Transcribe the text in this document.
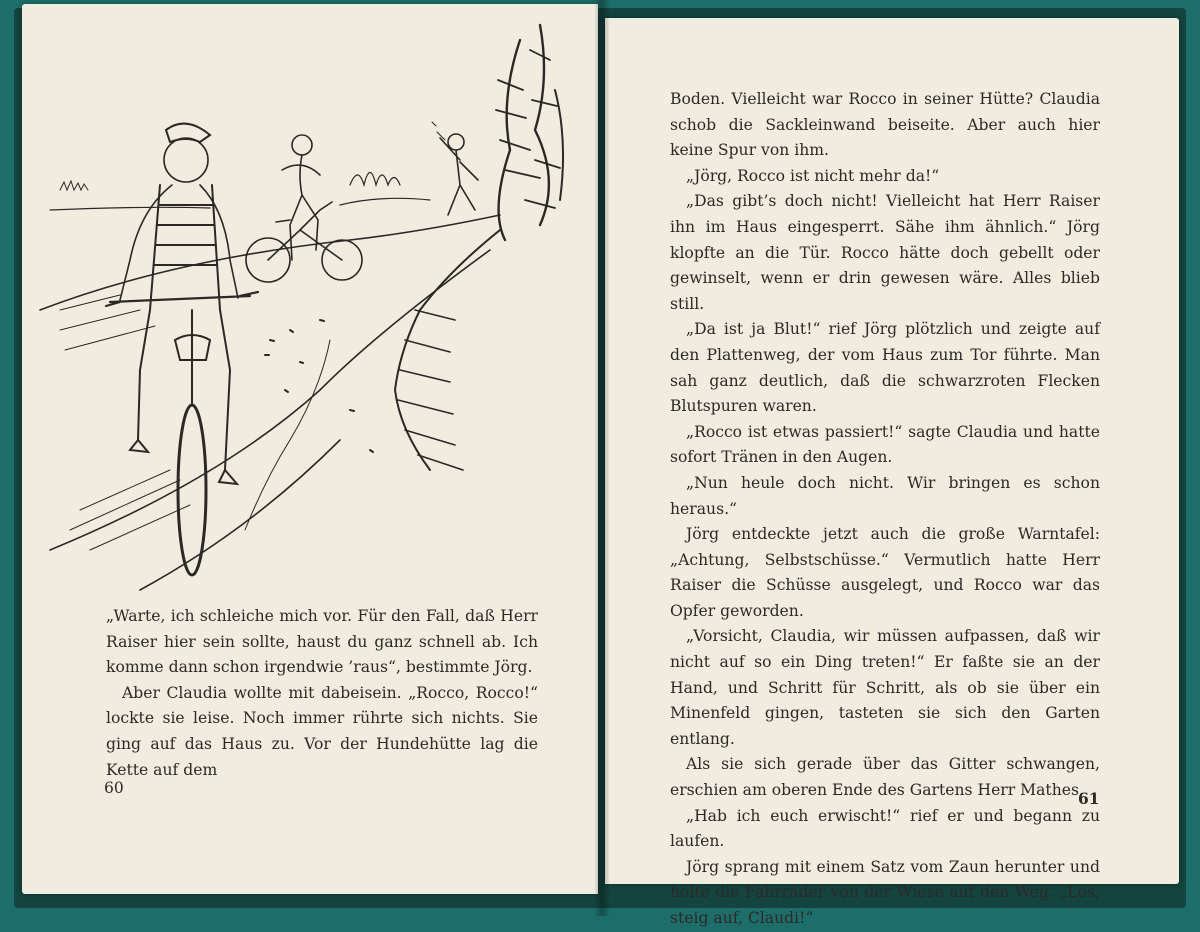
„Warte, ich schleiche mich vor. Für den Fall, daß Herr Raiser hier sein sollte, haust du ganz schnell ab. Ich komme dann schon irgendwie ’raus“, bestimmte Jörg.

Aber Claudia wollte mit dabeisein. „Rocco, Rocco!“ lockte sie leise. Noch immer rührte sich nichts. Sie ging auf das Haus zu. Vor der Hundehütte lag die Kette auf dem

60

Boden. Vielleicht war Rocco in seiner Hütte? Claudia schob die Sackleinwand beiseite. Aber auch hier keine Spur von ihm.

„Jörg, Rocco ist nicht mehr da!“

„Das gibt’s doch nicht! Vielleicht hat Herr Raiser ihn im Haus eingesperrt. Sähe ihm ähnlich.“ Jörg klopfte an die Tür. Rocco hätte doch gebellt oder gewinselt, wenn er drin gewesen wäre. Alles blieb still.

„Da ist ja Blut!“ rief Jörg plötzlich und zeigte auf den Plattenweg, der vom Haus zum Tor führte. Man sah ganz deutlich, daß die schwarzroten Flecken Blutspuren waren.

„Rocco ist etwas passiert!“ sagte Claudia und hatte sofort Tränen in den Augen.

„Nun heule doch nicht. Wir bringen es schon heraus.“

Jörg entdeckte jetzt auch die große Warntafel: „Achtung, Selbstschüsse.“ Vermutlich hatte Herr Raiser die Schüsse ausgelegt, und Rocco war das Opfer geworden.

„Vorsicht, Claudia, wir müssen aufpassen, daß wir nicht auf so ein Ding treten!“ Er faßte sie an der Hand, und Schritt für Schritt, als ob sie über ein Minenfeld gingen, tasteten sie sich den Garten entlang.

Als sie sich gerade über das Gitter schwangen, erschien am oberen Ende des Gartens Herr Mathes.

„Hab ich euch erwischt!“ rief er und begann zu laufen.

Jörg sprang mit einem Satz vom Zaun herunter und holte die Fahrräder von der Wiese auf den Weg. „Los, steig auf, Claudi!“

61
